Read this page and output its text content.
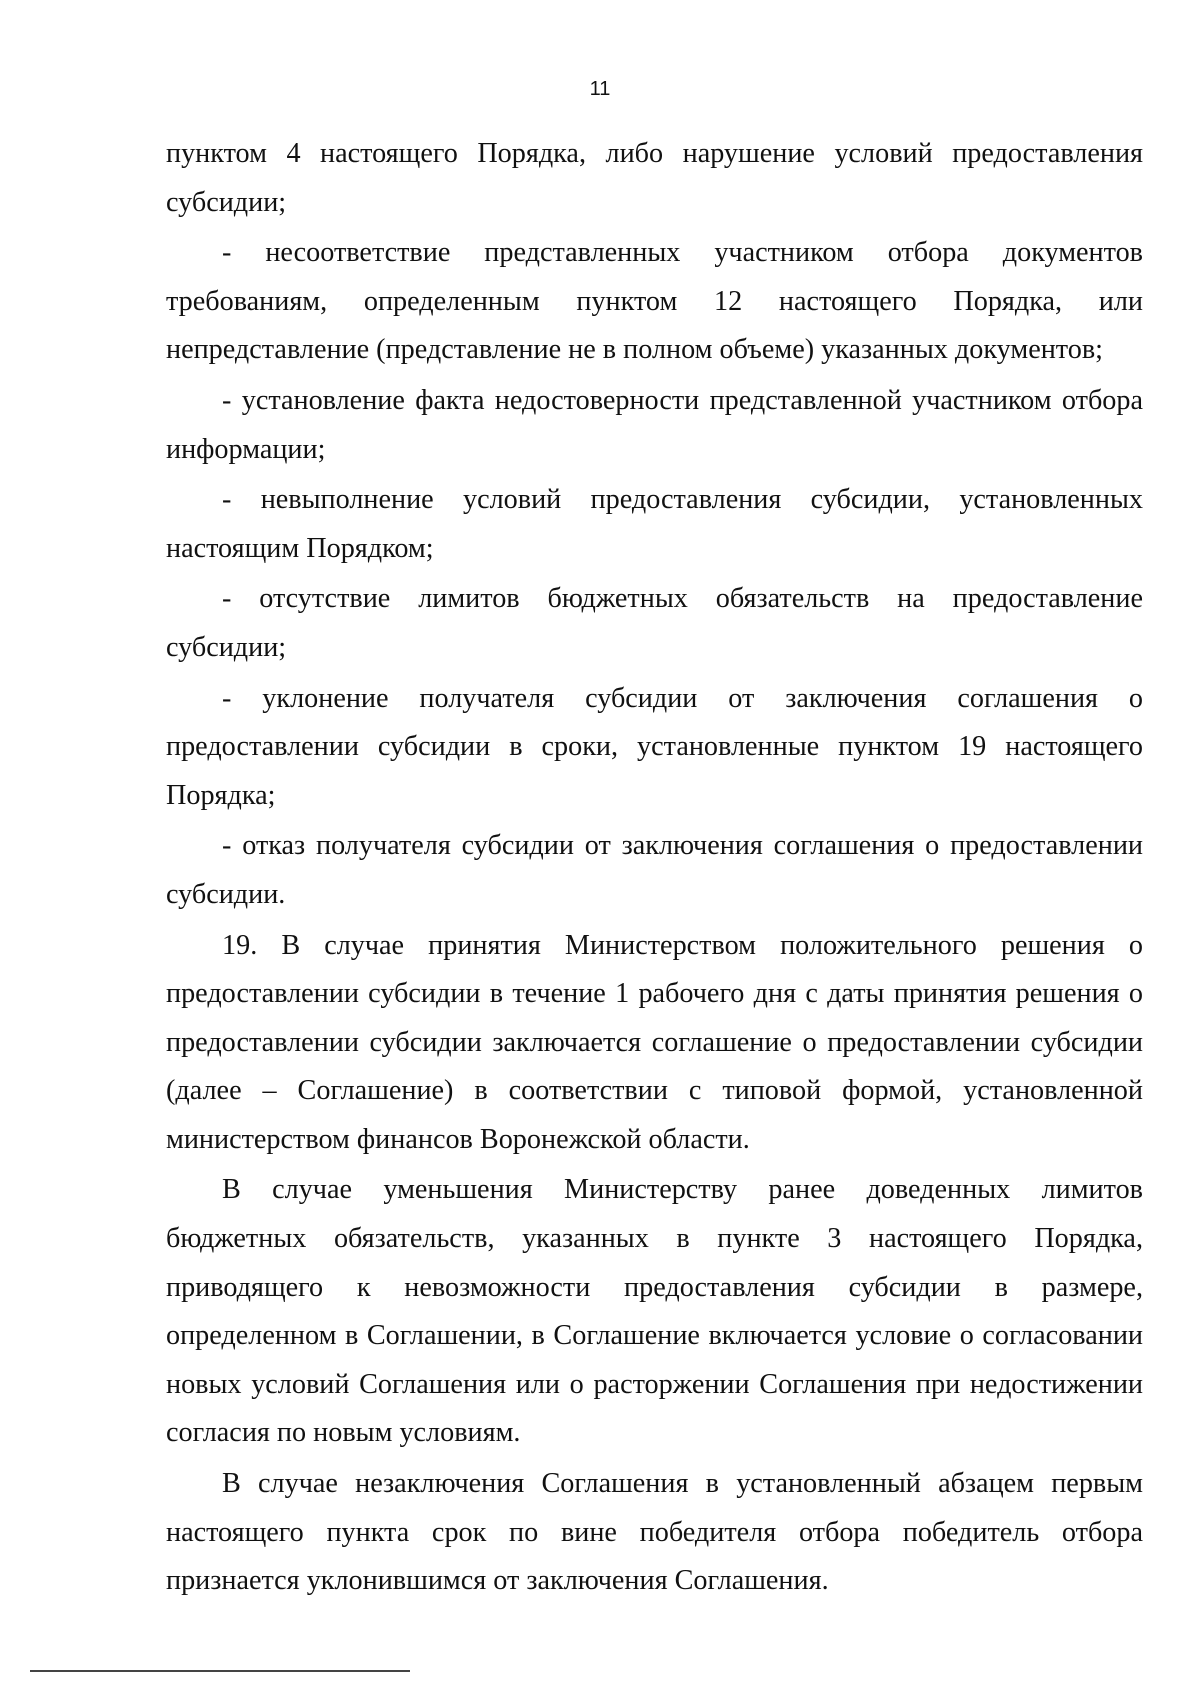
11

пунктом 4 настоящего Порядка, либо нарушение условий предоставления субсидии;

- несоответствие представленных участником отбора документов требованиям, определенным пунктом 12 настоящего Порядка, или непредставление (представление не в полном объеме) указанных документов;

- установление факта недостоверности представленной участником отбора информации;

- невыполнение условий предоставления субсидии, установленных настоящим Порядком;

- отсутствие лимитов бюджетных обязательств на предоставление субсидии;

- уклонение получателя субсидии от заключения соглашения о предоставлении субсидии в сроки, установленные пунктом 19 настоящего Порядка;

- отказ получателя субсидии от заключения соглашения о предоставлении субсидии.

19. В случае принятия Министерством положительного решения о предоставлении субсидии в течение 1 рабочего дня с даты принятия решения о предоставлении субсидии заключается соглашение о предоставлении субсидии (далее – Соглашение) в соответствии с типовой формой, установленной министерством финансов Воронежской области.

В случае уменьшения Министерству ранее доведенных лимитов бюджетных обязательств, указанных в пункте 3 настоящего Порядка, приводящего к невозможности предоставления субсидии в размере, определенном в Соглашении, в Соглашение включается условие о согласовании новых условий Соглашения или о расторжении Соглашения при недостижении согласия по новым условиям.

В случае незаключения Соглашения в установленный абзацем первым настоящего пункта срок по вине победителя отбора победитель отбора признается уклонившимся от заключения Соглашения.
